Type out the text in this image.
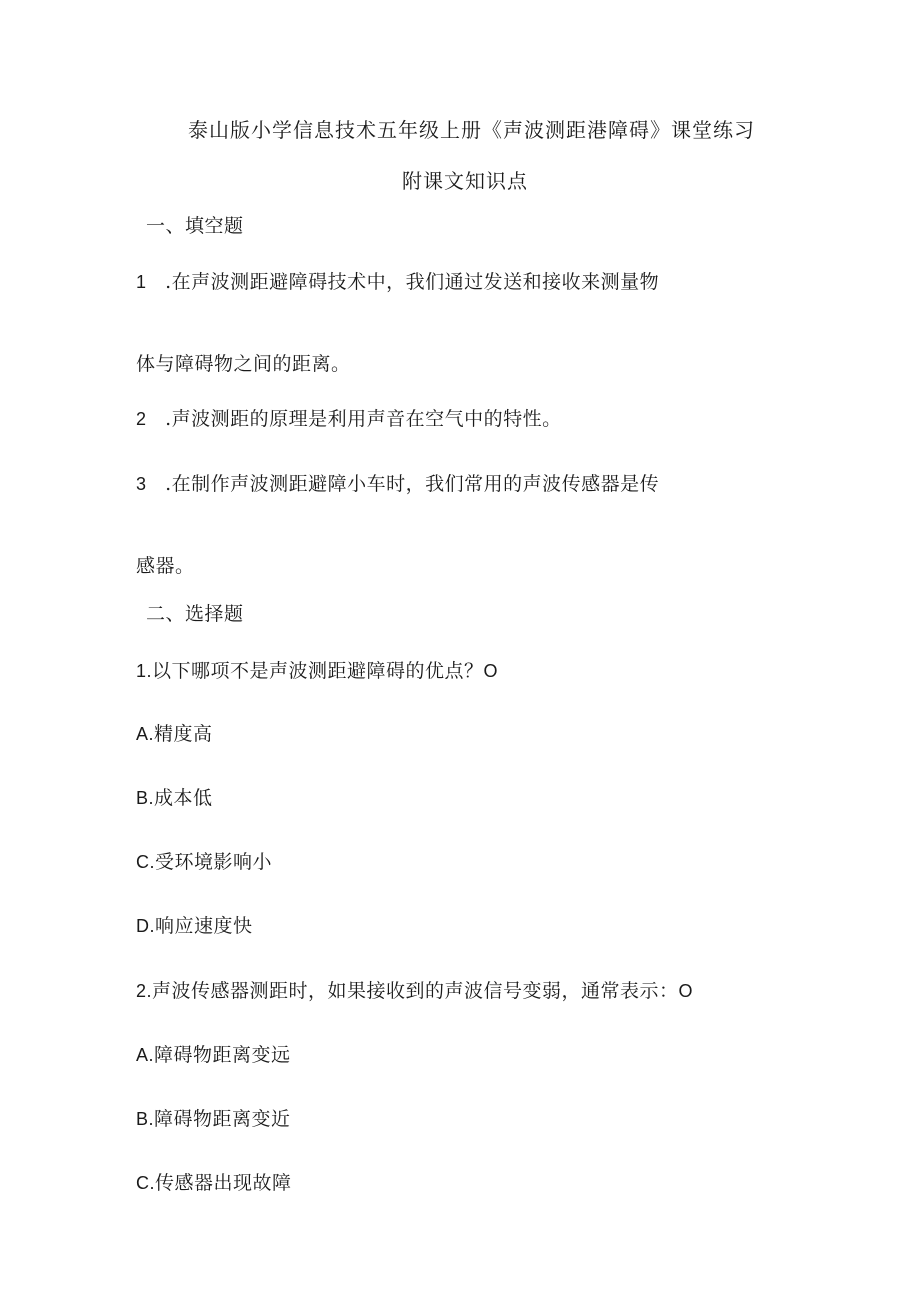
泰山版小学信息技术五年级上册《声波测距港障碍》课堂练习
附课文知识点
一、填空题
1 .在声波测距避障碍技术中，我们通过发送和接收来测量物
体与障碍物之间的距离。
2 .声波测距的原理是利用声音在空气中的特性。
3 .在制作声波测距避障小车时，我们常用的声波传感器是传
感器。
二、选择题
1.以下哪项不是声波测距避障碍的优点？O
A.精度高
B.成本低
C.受环境影响小
D.响应速度快
2.声波传感器测距时，如果接收到的声波信号变弱，通常表示：O
A.障碍物距离变远
B.障碍物距离变近
C.传感器出现故障
